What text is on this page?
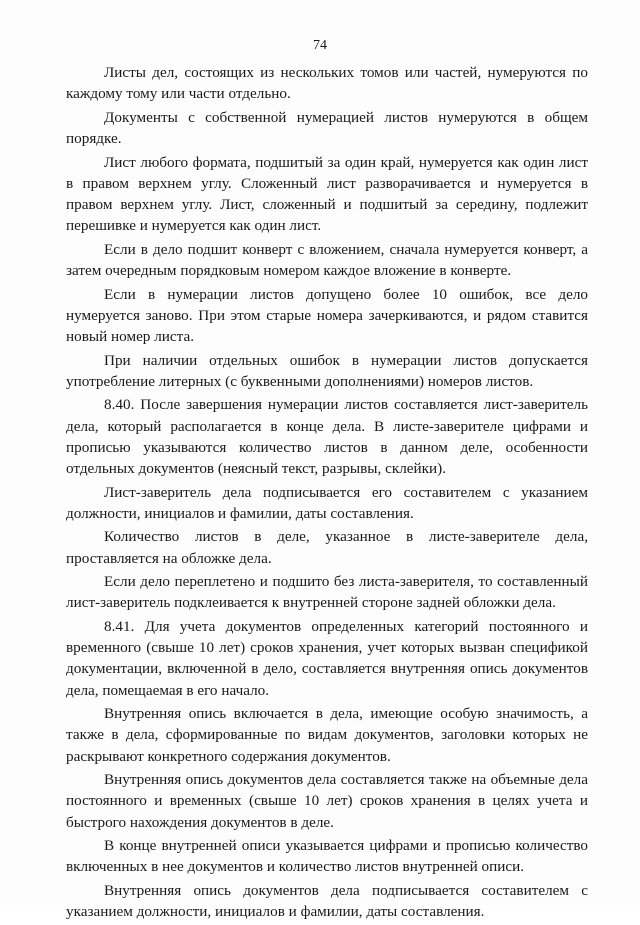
74

Листы дел, состоящих из нескольких томов или частей, нумеруются по каждому тому или части отдельно.

Документы с собственной нумерацией листов нумеруются в общем порядке.

Лист любого формата, подшитый за один край, нумеруется как один лист в правом верхнем углу. Сложенный лист разворачивается и нумеруется в правом верхнем углу. Лист, сложенный и подшитый за середину, подлежит перешивке и нумеруется как один лист.

Если в дело подшит конверт с вложением, сначала нумеруется конверт, а затем очередным порядковым номером каждое вложение в конверте.

Если в нумерации листов допущено более 10 ошибок, все дело нумеруется заново. При этом старые номера зачеркиваются, и рядом ставится новый номер листа.

При наличии отдельных ошибок в нумерации листов допускается употребление литерных (с буквенными дополнениями) номеров листов.

8.40. После завершения нумерации листов составляется лист-заверитель дела, который располагается в конце дела. В листе-заверителе цифрами и прописью указываются количество листов в данном деле, особенности отдельных документов (неясный текст, разрывы, склейки).

Лист-заверитель дела подписывается его составителем с указанием должности, инициалов и фамилии, даты составления.

Количество листов в деле, указанное в листе-заверителе дела, проставляется на обложке дела.

Если дело переплетено и подшито без листа-заверителя, то составленный лист-заверитель подклеивается к внутренней стороне задней обложки дела.

8.41. Для учета документов определенных категорий постоянного и временного (свыше 10 лет) сроков хранения, учет которых вызван спецификой документации, включенной в дело, составляется внутренняя опись документов дела, помещаемая в его начало.

Внутренняя опись включается в дела, имеющие особую значимость, а также в дела, сформированные по видам документов, заголовки которых не раскрывают конкретного содержания документов.

Внутренняя опись документов дела составляется также на объемные дела постоянного и временных (свыше 10 лет) сроков хранения в целях учета и быстрого нахождения документов в деле.

В конце внутренней описи указывается цифрами и прописью количество включенных в нее документов и количество листов внутренней описи.

Внутренняя опись документов дела подписывается составителем с указанием должности, инициалов и фамилии, даты составления.
